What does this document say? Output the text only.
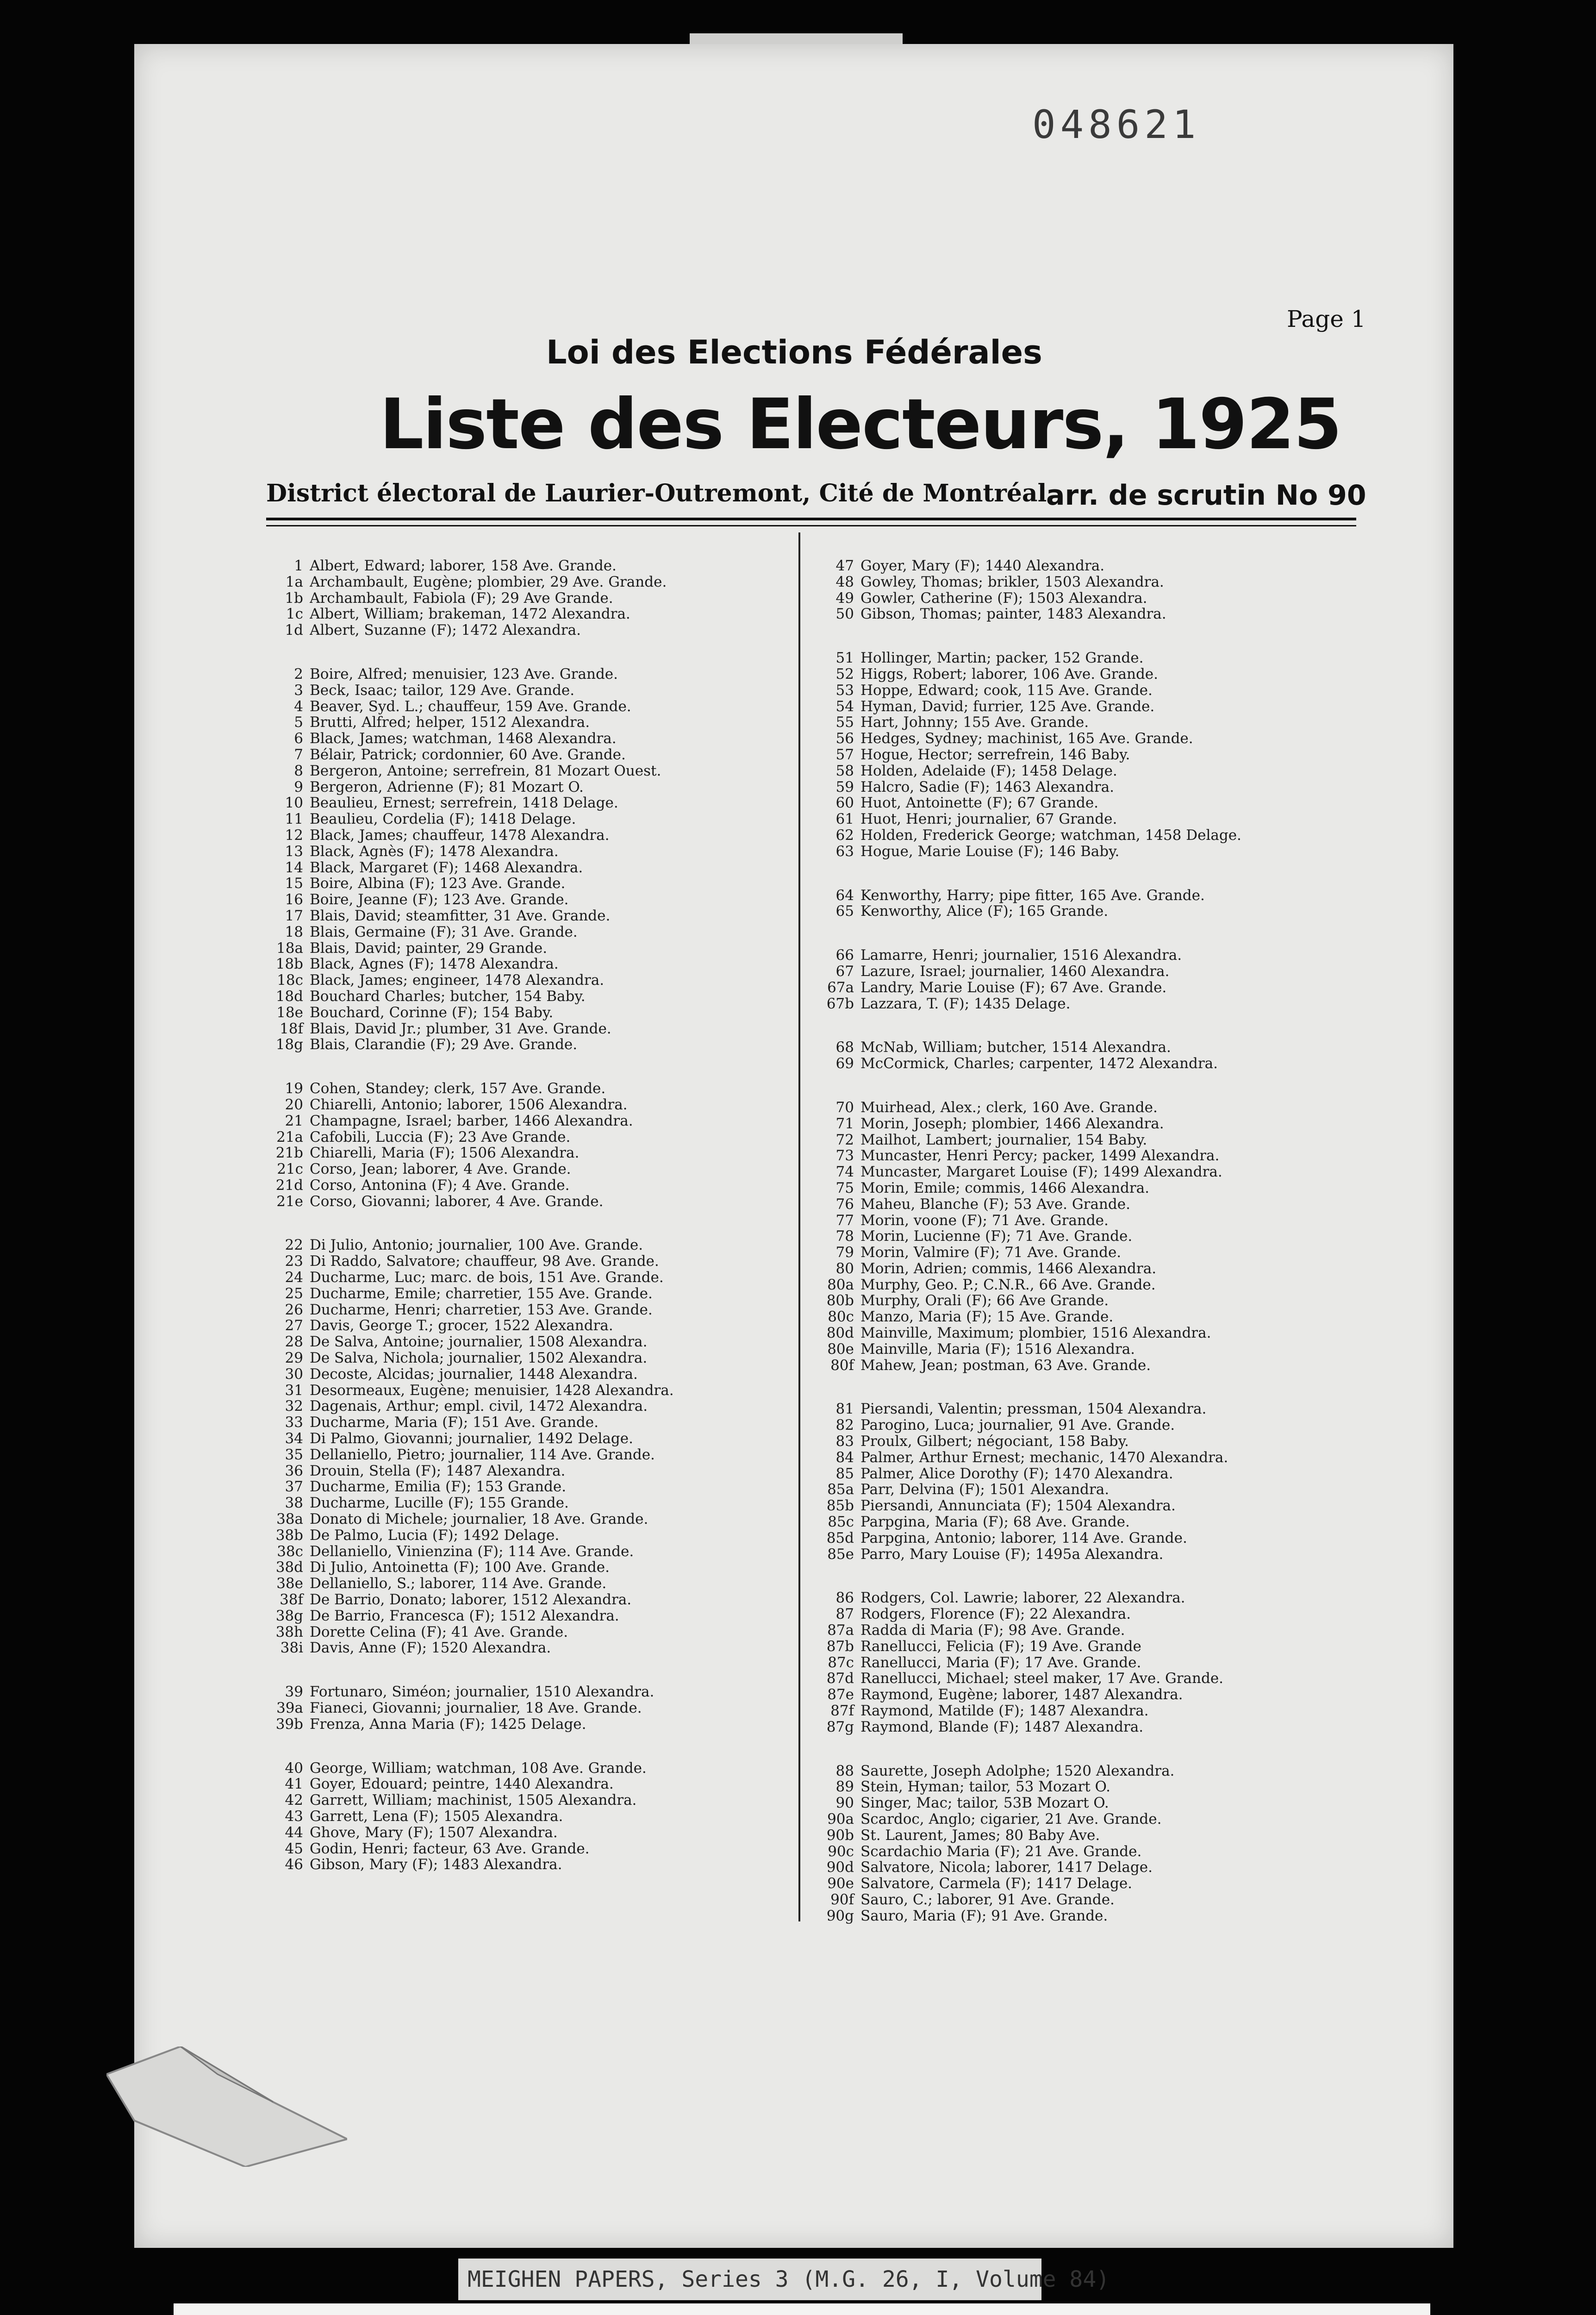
048621
Page 1
Loi des Elections Fédérales
Liste des Electeurs, 1925
District électoral de Laurier-Outremont, Cité de Montréal
arr. de scrutin No 90
1 Albert, Edward; laborer, 158 Ave. Grande.
1a Archambault, Eugène; plombier, 29 Ave. Grande.
1b Archambault, Fabiola (F); 29 Ave Grande.
1c Albert, William; brakeman, 1472 Alexandra.
1d Albert, Suzanne (F); 1472 Alexandra.
2 Boire, Alfred; menuisier, 123 Ave. Grande.
3 Beck, Isaac; tailor, 129 Ave. Grande.
4 Beaver, Syd. L.; chauffeur, 159 Ave. Grande.
5 Brutti, Alfred; helper, 1512 Alexandra.
6 Black, James; watchman, 1468 Alexandra.
7 Bélair, Patrick; cordonnier, 60 Ave. Grande.
8 Bergeron, Antoine; serrefrein, 81 Mozart Ouest.
9 Bergeron, Adrienne (F); 81 Mozart O.
10 Beaulieu, Ernest; serrefrein, 1418 Delage.
11 Beaulieu, Cordelia (F); 1418 Delage.
12 Black, James; chauffeur, 1478 Alexandra.
13 Black, Agnès (F); 1478 Alexandra.
14 Black, Margaret (F); 1468 Alexandra.
15 Boire, Albina (F); 123 Ave. Grande.
16 Boire, Jeanne (F); 123 Ave. Grande.
17 Blais, David; steamfitter, 31 Ave. Grande.
18 Blais, Germaine (F); 31 Ave. Grande.
18a Blais, David; painter, 29 Grande.
18b Black, Agnes (F); 1478 Alexandra.
18c Black, James; engineer, 1478 Alexandra.
18d Bouchard Charles; butcher, 154 Baby.
18e Bouchard, Corinne (F); 154 Baby.
18f Blais, David Jr.; plumber, 31 Ave. Grande.
18g Blais, Clarandie (F); 29 Ave. Grande.
19 Cohen, Standey; clerk, 157 Ave. Grande.
20 Chiarelli, Antonio; laborer, 1506 Alexandra.
21 Champagne, Israel; barber, 1466 Alexandra.
21a Cafobili, Luccia (F); 23 Ave Grande.
21b Chiarelli, Maria (F); 1506 Alexandra.
21c Corso, Jean; laborer, 4 Ave. Grande.
21d Corso, Antonina (F); 4 Ave. Grande.
21e Corso, Giovanni; laborer, 4 Ave. Grande.
22 Di Julio, Antonio; journalier, 100 Ave. Grande.
23 Di Raddo, Salvatore; chauffeur, 98 Ave. Grande.
24 Ducharme, Luc; marc. de bois, 151 Ave. Grande.
25 Ducharme, Emile; charretier, 155 Ave. Grande.
26 Ducharme, Henri; charretier, 153 Ave. Grande.
27 Davis, George T.; grocer, 1522 Alexandra.
28 De Salva, Antoine; journalier, 1508 Alexandra.
29 De Salva, Nichola; journalier, 1502 Alexandra.
30 Decoste, Alcidas; journalier, 1448 Alexandra.
31 Desormeaux, Eugène; menuisier, 1428 Alexandra.
32 Dagenais, Arthur; empl. civil, 1472 Alexandra.
33 Ducharme, Maria (F); 151 Ave. Grande.
34 Di Palmo, Giovanni; journalier, 1492 Delage.
35 Dellaniello, Pietro; journalier, 114 Ave. Grande.
36 Drouin, Stella (F); 1487 Alexandra.
37 Ducharme, Emilia (F); 153 Grande.
38 Ducharme, Lucille (F); 155 Grande.
38a Donato di Michele; journalier, 18 Ave. Grande.
38b De Palmo, Lucia (F); 1492 Delage.
38c Dellaniello, Vinienzina (F); 114 Ave. Grande.
38d Di Julio, Antoinetta (F); 100 Ave. Grande.
38e Dellaniello, S.; laborer, 114 Ave. Grande.
38f De Barrio, Donato; laborer, 1512 Alexandra.
38g De Barrio, Francesca (F); 1512 Alexandra.
38h Dorette Celina (F); 41 Ave. Grande.
38i Davis, Anne (F); 1520 Alexandra.
39 Fortunaro, Siméon; journalier, 1510 Alexandra.
39a Fianeci, Giovanni; journalier, 18 Ave. Grande.
39b Frenza, Anna Maria (F); 1425 Delage.
40 George, William; watchman, 108 Ave. Grande.
41 Goyer, Edouard; peintre, 1440 Alexandra.
42 Garrett, William; machinist, 1505 Alexandra.
43 Garrett, Lena (F); 1505 Alexandra.
44 Ghove, Mary (F); 1507 Alexandra.
45 Godin, Henri; facteur, 63 Ave. Grande.
46 Gibson, Mary (F); 1483 Alexandra.
47 Goyer, Mary (F); 1440 Alexandra.
48 Gowley, Thomas; brikler, 1503 Alexandra.
49 Gowler, Catherine (F); 1503 Alexandra.
50 Gibson, Thomas; painter, 1483 Alexandra.
51 Hollinger, Martin; packer, 152 Grande.
52 Higgs, Robert; laborer, 106 Ave. Grande.
53 Hoppe, Edward; cook, 115 Ave. Grande.
54 Hyman, David; furrier, 125 Ave. Grande.
55 Hart, Johnny; 155 Ave. Grande.
56 Hedges, Sydney; machinist, 165 Ave. Grande.
57 Hogue, Hector; serrefrein, 146 Baby.
58 Holden, Adelaide (F); 1458 Delage.
59 Halcro, Sadie (F); 1463 Alexandra.
60 Huot, Antoinette (F); 67 Grande.
61 Huot, Henri; journalier, 67 Grande.
62 Holden, Frederick George; watchman, 1458 Delage.
63 Hogue, Marie Louise (F); 146 Baby.
64 Kenworthy, Harry; pipe fitter, 165 Ave. Grande.
65 Kenworthy, Alice (F); 165 Grande.
66 Lamarre, Henri; journalier, 1516 Alexandra.
67 Lazure, Israel; journalier, 1460 Alexandra.
67a Landry, Marie Louise (F); 67 Ave. Grande.
67b Lazzara, T. (F); 1435 Delage.
68 McNab, William; butcher, 1514 Alexandra.
69 McCormick, Charles; carpenter, 1472 Alexandra.
70 Muirhead, Alex.; clerk, 160 Ave. Grande.
71 Morin, Joseph; plombier, 1466 Alexandra.
72 Mailhot, Lambert; journalier, 154 Baby.
73 Muncaster, Henri Percy; packer, 1499 Alexandra.
74 Muncaster, Margaret Louise (F); 1499 Alexandra.
75 Morin, Emile; commis, 1466 Alexandra.
76 Maheu, Blanche (F); 53 Ave. Grande.
77 Morin, voone (F); 71 Ave. Grande.
78 Morin, Lucienne (F); 71 Ave. Grande.
79 Morin, Valmire (F); 71 Ave. Grande.
80 Morin, Adrien; commis, 1466 Alexandra.
80a Murphy, Geo. P.; C.N.R., 66 Ave. Grande.
80b Murphy, Orali (F); 66 Ave Grande.
80c Manzo, Maria (F); 15 Ave. Grande.
80d Mainville, Maximum; plombier, 1516 Alexandra.
80e Mainville, Maria (F); 1516 Alexandra.
80f Mahew, Jean; postman, 63 Ave. Grande.
81 Piersandi, Valentin; pressman, 1504 Alexandra.
82 Parogino, Luca; journalier, 91 Ave. Grande.
83 Proulx, Gilbert; négociant, 158 Baby.
84 Palmer, Arthur Ernest; mechanic, 1470 Alexandra.
85 Palmer, Alice Dorothy (F); 1470 Alexandra.
85a Parr, Delvina (F); 1501 Alexandra.
85b Piersandi, Annunciata (F); 1504 Alexandra.
85c Parpgina, Maria (F); 68 Ave. Grande.
85d Parpgina, Antonio; laborer, 114 Ave. Grande.
85e Parro, Mary Louise (F); 1495a Alexandra.
86 Rodgers, Col. Lawrie; laborer, 22 Alexandra.
87 Rodgers, Florence (F); 22 Alexandra.
87a Radda di Maria (F); 98 Ave. Grande.
87b Ranellucci, Felicia (F); 19 Ave. Grande
87c Ranellucci, Maria (F); 17 Ave. Grande.
87d Ranellucci, Michael; steel maker, 17 Ave. Grande.
87e Raymond, Eugène; laborer, 1487 Alexandra.
87f Raymond, Matilde (F); 1487 Alexandra.
87g Raymond, Blande (F); 1487 Alexandra.
88 Saurette, Joseph Adolphe; 1520 Alexandra.
89 Stein, Hyman; tailor, 53 Mozart O.
90 Singer, Mac; tailor, 53B Mozart O.
90a Scardoc, Anglo; cigarier, 21 Ave. Grande.
90b St. Laurent, James; 80 Baby Ave.
90c Scardachio Maria (F); 21 Ave. Grande.
90d Salvatore, Nicola; laborer, 1417 Delage.
90e Salvatore, Carmela (F); 1417 Delage.
90f Sauro, C.; laborer, 91 Ave. Grande.
90g Sauro, Maria (F); 91 Ave. Grande.
MEIGHEN PAPERS, Series 3 (M.G. 26, I, Volume 84)
